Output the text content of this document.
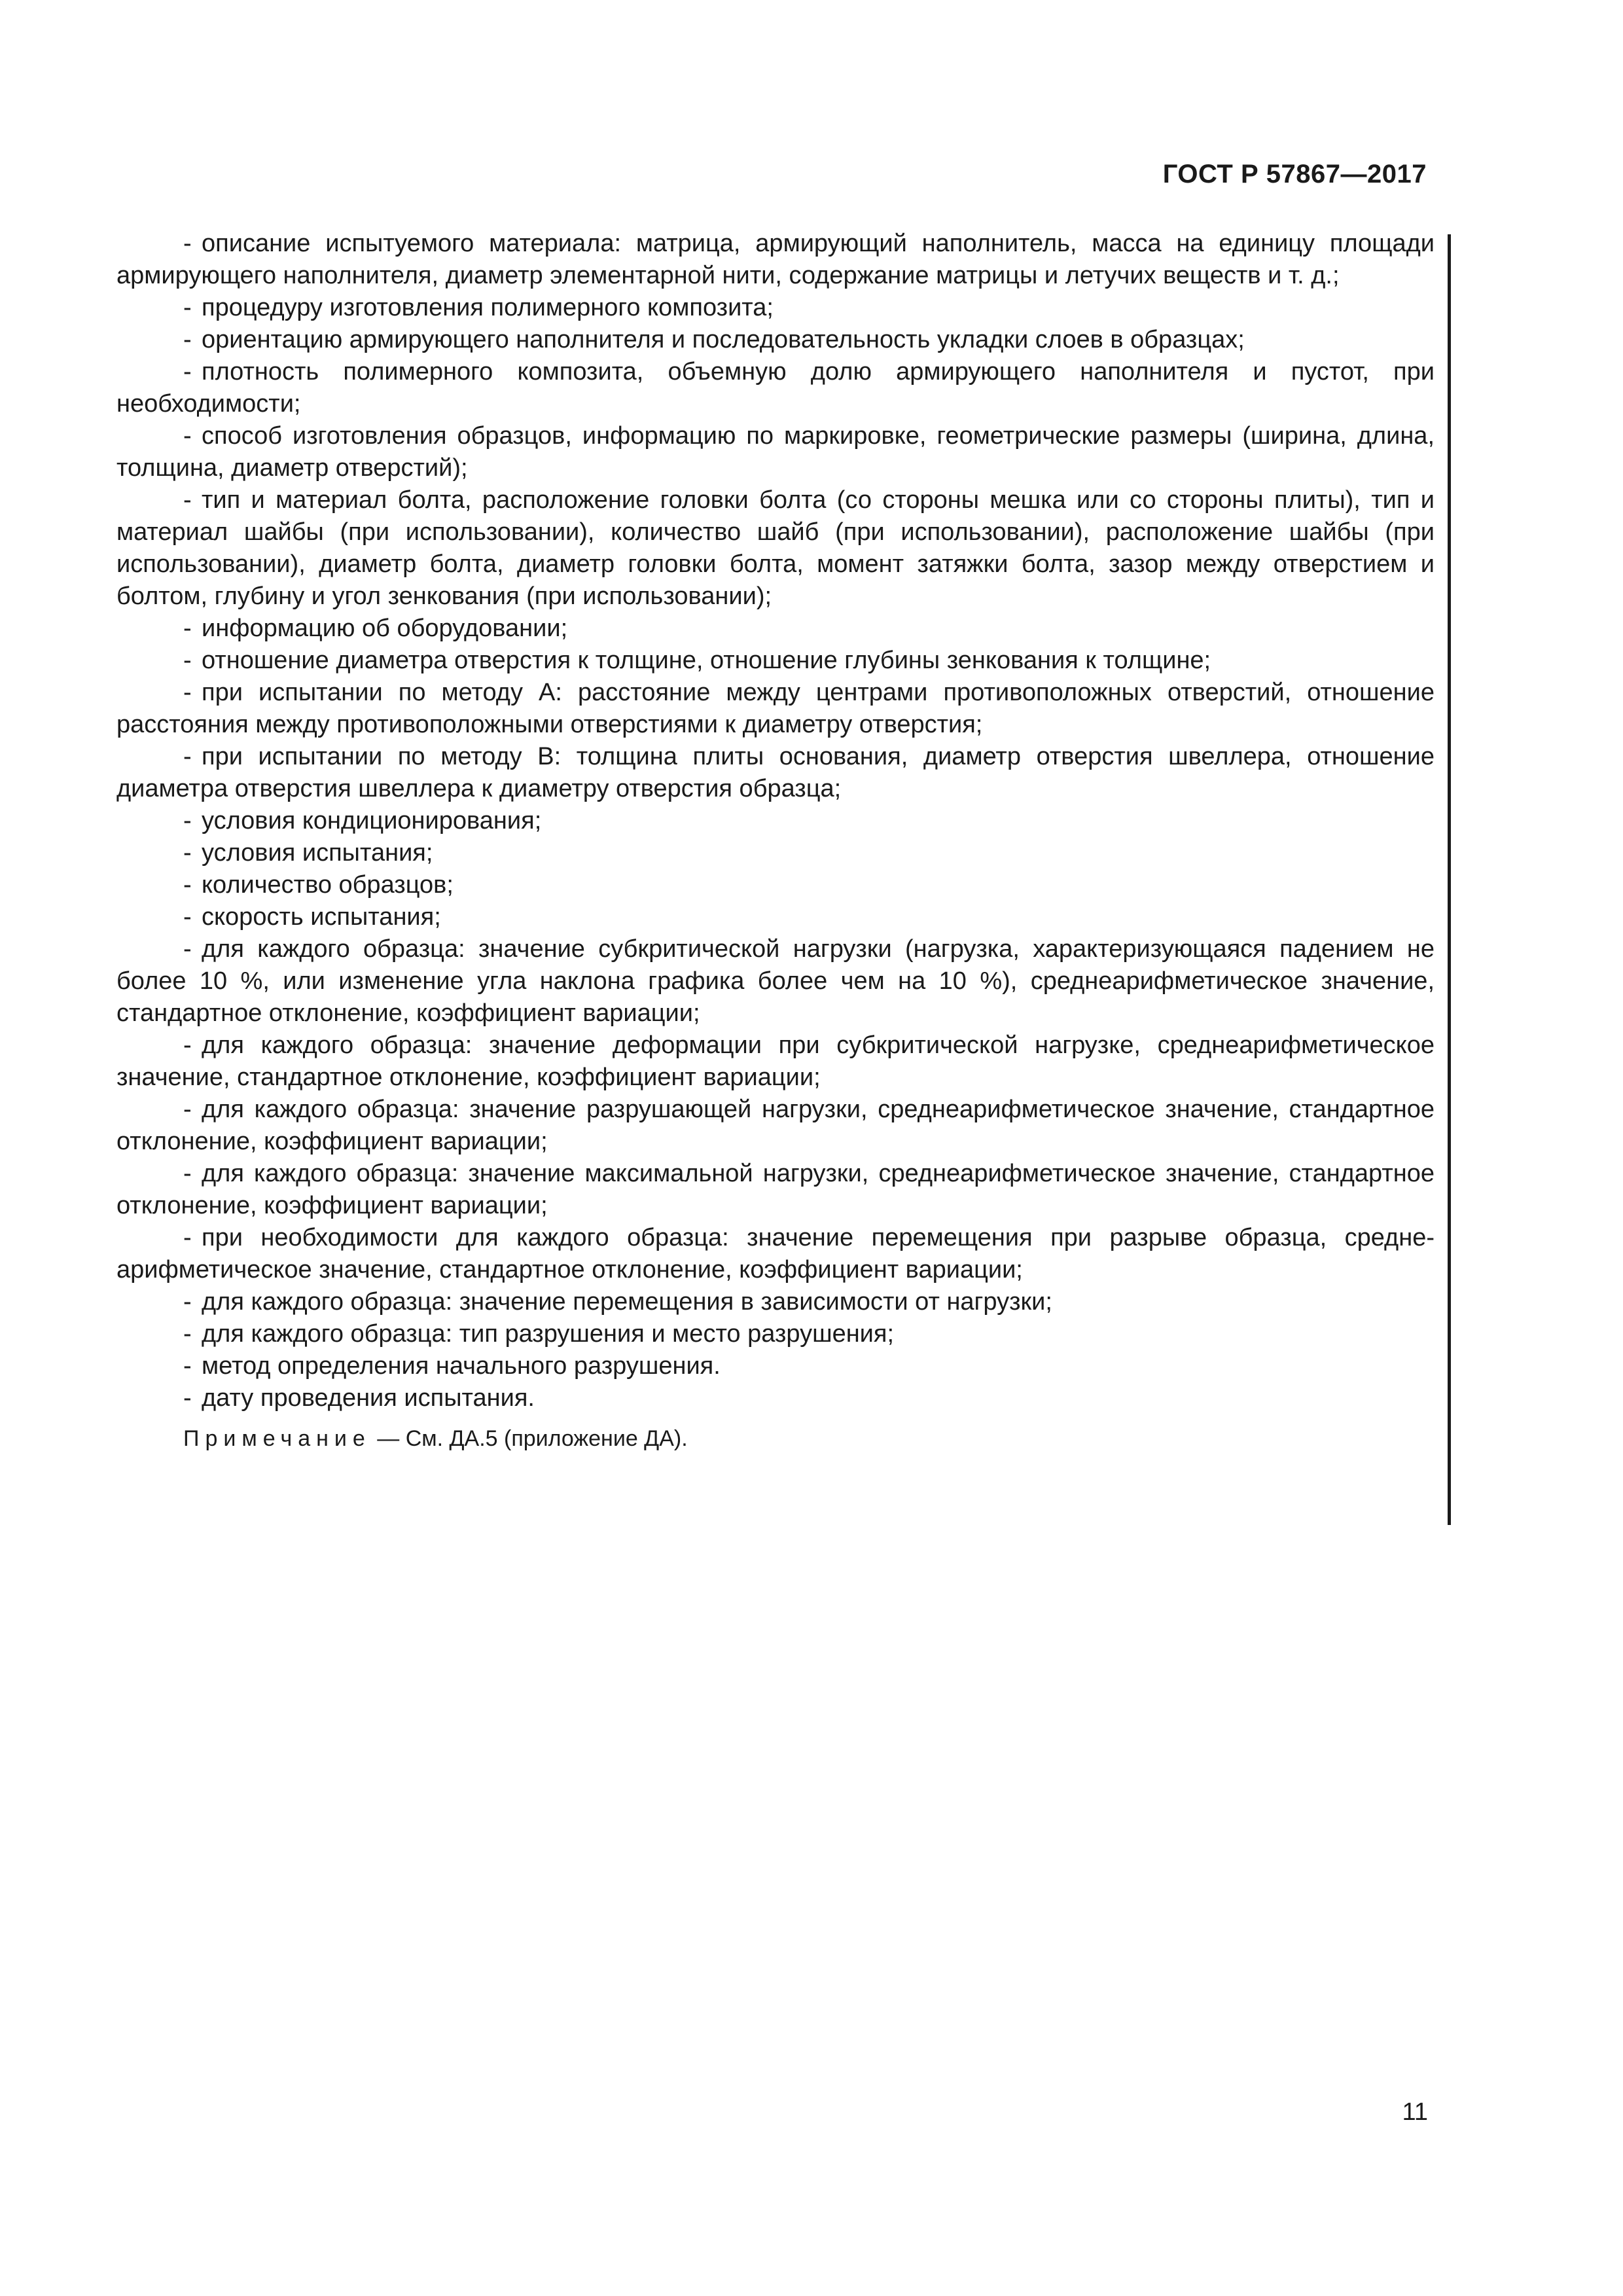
ГОСТ Р 57867—2017

- описание испытуемого материала: матрица, армирующий наполнитель, масса на единицу площади армирующего наполнителя, диаметр элементарной нити, содержание матрицы и летучих веществ и т. д.;

- процедуру изготовления полимерного композита;

- ориентацию армирующего наполнителя и последовательность укладки слоев в образцах;

- плотность полимерного композита, объемную долю армирующего наполнителя и пустот, при необходимости;

- способ изготовления образцов, информацию по маркировке, геометрические размеры (ширина, длина, толщина, диаметр отверстий);

- тип и материал болта, расположение головки болта (со стороны мешка или со стороны плиты), тип и материал шайбы (при использовании), количество шайб (при использовании), расположение шайбы (при использовании), диаметр болта, диаметр головки болта, момент затяжки болта, зазор между отверстием и болтом, глубину и угол зенкования (при использовании);

- информацию об оборудовании;

- отношение диаметра отверстия к толщине, отношение глубины зенкования к толщине;

- при испытании по методу А: расстояние между центрами противоположных отверстий, отношение расстояния между противоположными отверстиями к диаметру отверстия;

- при испытании по методу В: толщина плиты основания, диаметр отверстия швеллера, отношение диаметра отверстия швеллера к диаметру отверстия образца;

- условия кондиционирования;

- условия испытания;

- количество образцов;

- скорость испытания;

- для каждого образца: значение субкритической нагрузки (нагрузка, характеризующаяся падением не более 10 %, или изменение угла наклона графика более чем на 10 %), среднеарифметическое значение, стандартное отклонение, коэффициент вариации;

- для каждого образца: значение деформации при субкритической нагрузке, среднеарифметическое значение, стандартное отклонение, коэффициент вариации;

- для каждого образца: значение разрушающей нагрузки, среднеарифметическое значение, стандартное отклонение, коэффициент вариации;

- для каждого образца: значение максимальной нагрузки, среднеарифметическое значение, стандартное отклонение, коэффициент вариации;

- при необходимости для каждого образца: значение перемещения при разрыве образца, среднеарифметическое значение, стандартное отклонение, коэффициент вариации;

- для каждого образца: значение перемещения в зависимости от нагрузки;

- для каждого образца: тип разрушения и место разрушения;

- метод определения начального разрушения.

- дату проведения испытания.

Примечание — См. ДА.5 (приложение ДА).

11
